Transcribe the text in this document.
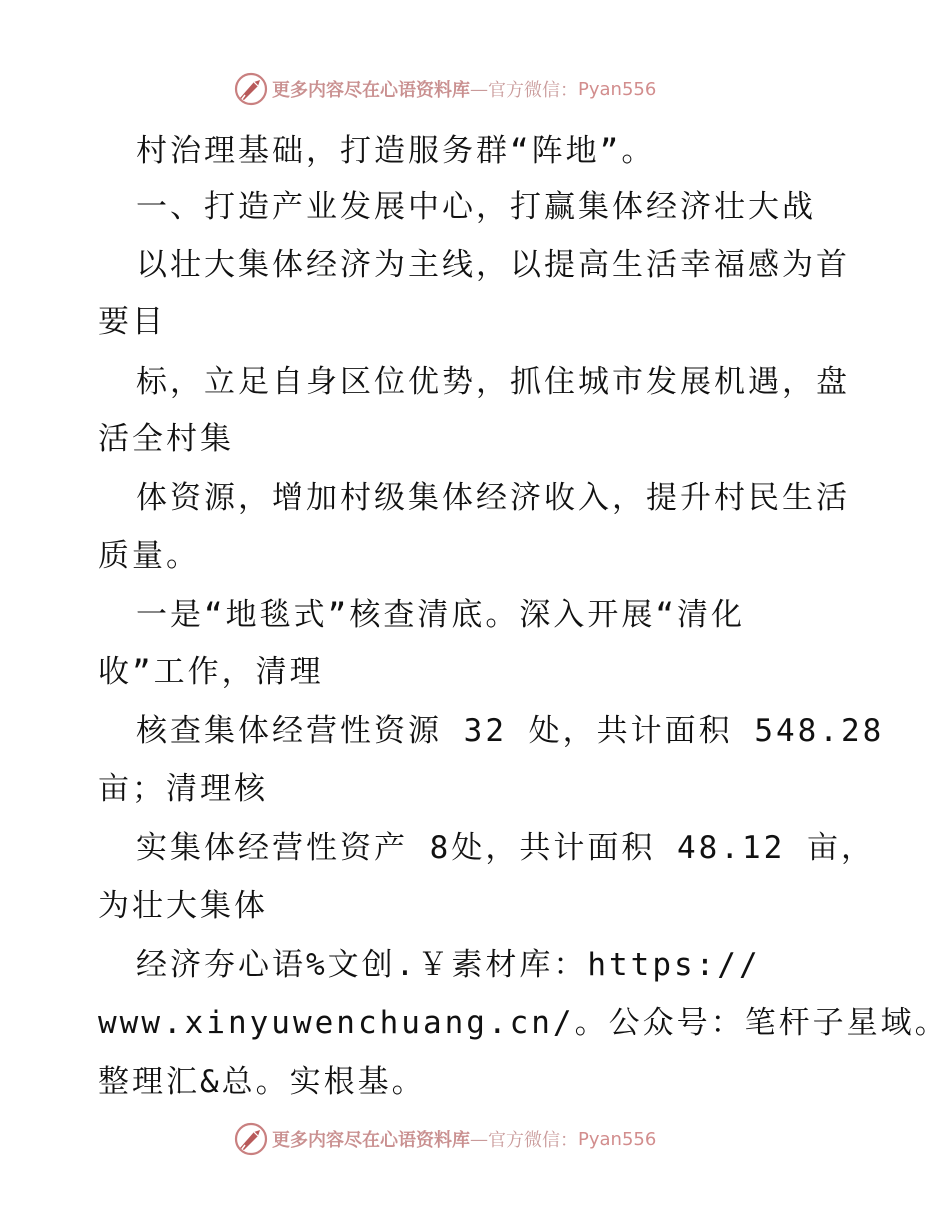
更多内容尽在心语资料库 — 官方微信： Pyan556
村治理基础，打造服务群“阵地”。
一、打造产业发展中心，打赢集体经济壮大战
以壮大集体经济为主线，以提高生活幸福感为首
要目
标，立足自身区位优势，抓住城市发展机遇，盘
活全村集
体资源，增加村级集体经济收入，提升村民生活
质量。
一是“地毯式”核查清底。深入开展“清化
收”工作，清理
核查集体经营性资源 32 处，共计面积 548.28
亩；清理核
实集体经营性资产 8处，共计面积 48.12 亩，
为壮大集体
经济夯心语%文创.￥素材库：https://
www.xinyuwenchuang.cn/。公众号：笔杆子星域。
整理汇&总。实根基。
更多内容尽在心语资料库 — 官方微信： Pyan556
